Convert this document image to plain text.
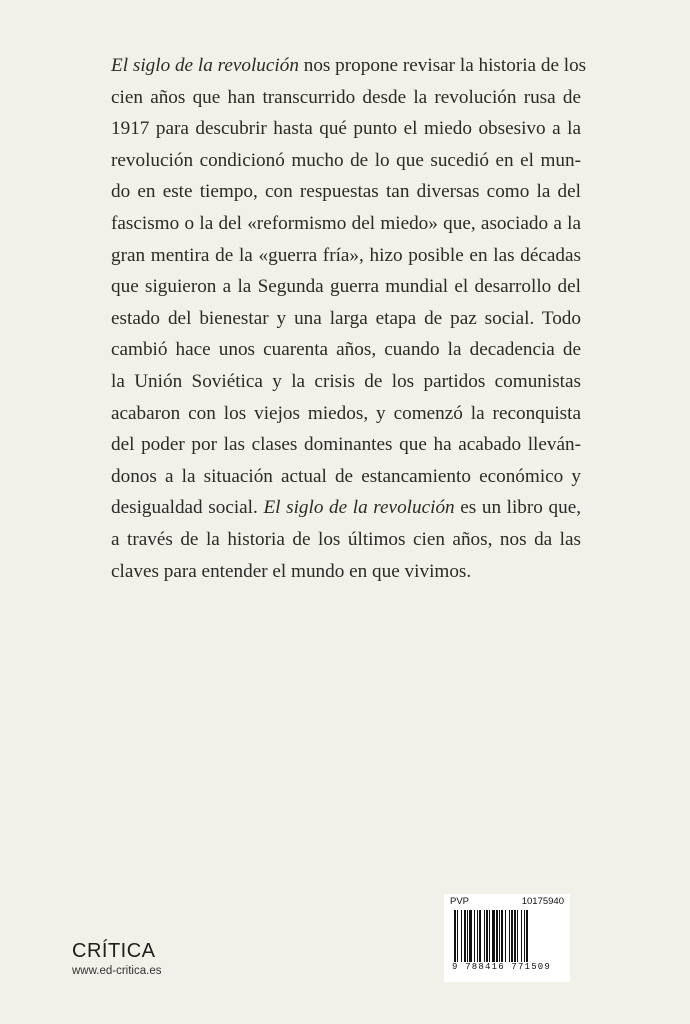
El siglo de la revolución nos propone revisar la historia de los
cien años que han transcurrido desde la revolución rusa de
1917 para descubrir hasta qué punto el miedo obsesivo a la
revolución condicionó mucho de lo que sucedió en el mun-
do en este tiempo, con respuestas tan diversas como la del
fascismo o la del «reformismo del miedo» que, asociado a la
gran mentira de la «guerra fría», hizo posible en las décadas
que siguieron a la Segunda guerra mundial el desarrollo del
estado del bienestar y una larga etapa de paz social. Todo
cambió hace unos cuarenta años, cuando la decadencia de
la Unión Soviética y la crisis de los partidos comunistas
acabaron con los viejos miedos, y comenzó la reconquista
del poder por las clases dominantes que ha acabado lleván-
donos a la situación actual de estancamiento económico y
desigualdad social. El siglo de la revolución es un libro que,
a través de la historia de los últimos cien años, nos da las
claves para entender el mundo en que vivimos.
CRÍTICA
www.ed-critica.es
PVP	10175940
9 788416 771509
